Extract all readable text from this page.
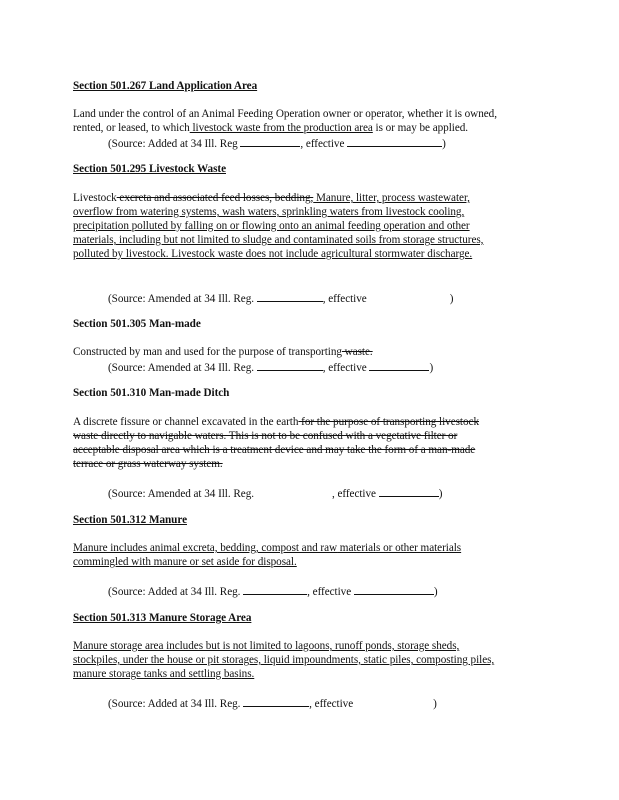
Section 501.267 Land Application Area
Land under the control of an Animal Feeding Operation owner or operator, whether it is owned,
rented, or leased, to which livestock waste from the production area is or may be applied.
(Source: Added at 34 Ill. Reg	, effective	)
Section 501.295 Livestock Waste
Livestock excreta and associated feed losses, bedding, Manure, litter, process wastewater,
overflow from watering systems, wash waters, sprinkling waters from livestock cooling,
precipitation polluted by falling on or flowing onto an animal feeding operation and other
materials, including but not limited to sludge and contaminated soils from storage structures,
polluted by livestock. Livestock waste does not include agricultural stormwater discharge.
(Source: Amended at 34 Ill. Reg.	, effective	)
Section 501.305 Man-made
Constructed by man and used for the purpose of transporting waste.
(Source: Amended at 34 Ill. Reg.	, effective	)
Section 501.310 Man-made Ditch
A discrete fissure or channel excavated in the earth for the purpose of transporting livestock
waste directly to navigable waters. This is not to be confused with a vegetative filter or
acceptable disposal area which is a treatment device and may take the form of a man-made
terrace or grass waterway system.
(Source: Amended at 34 Ill. Reg.	, effective	)
Section 501.312 Manure
Manure includes animal excreta, bedding, compost and raw materials or other materials
commingled with manure or set aside for disposal.
(Source: Added at 34 Ill. Reg.	, effective	)
Section 501.313 Manure Storage Area
Manure storage area includes but is not limited to lagoons, runoff ponds, storage sheds,
stockpiles, under the house or pit storages, liquid impoundments, static piles, composting piles,
manure storage tanks and settling basins.
(Source: Added at 34 Ill. Reg.	, effective	)
